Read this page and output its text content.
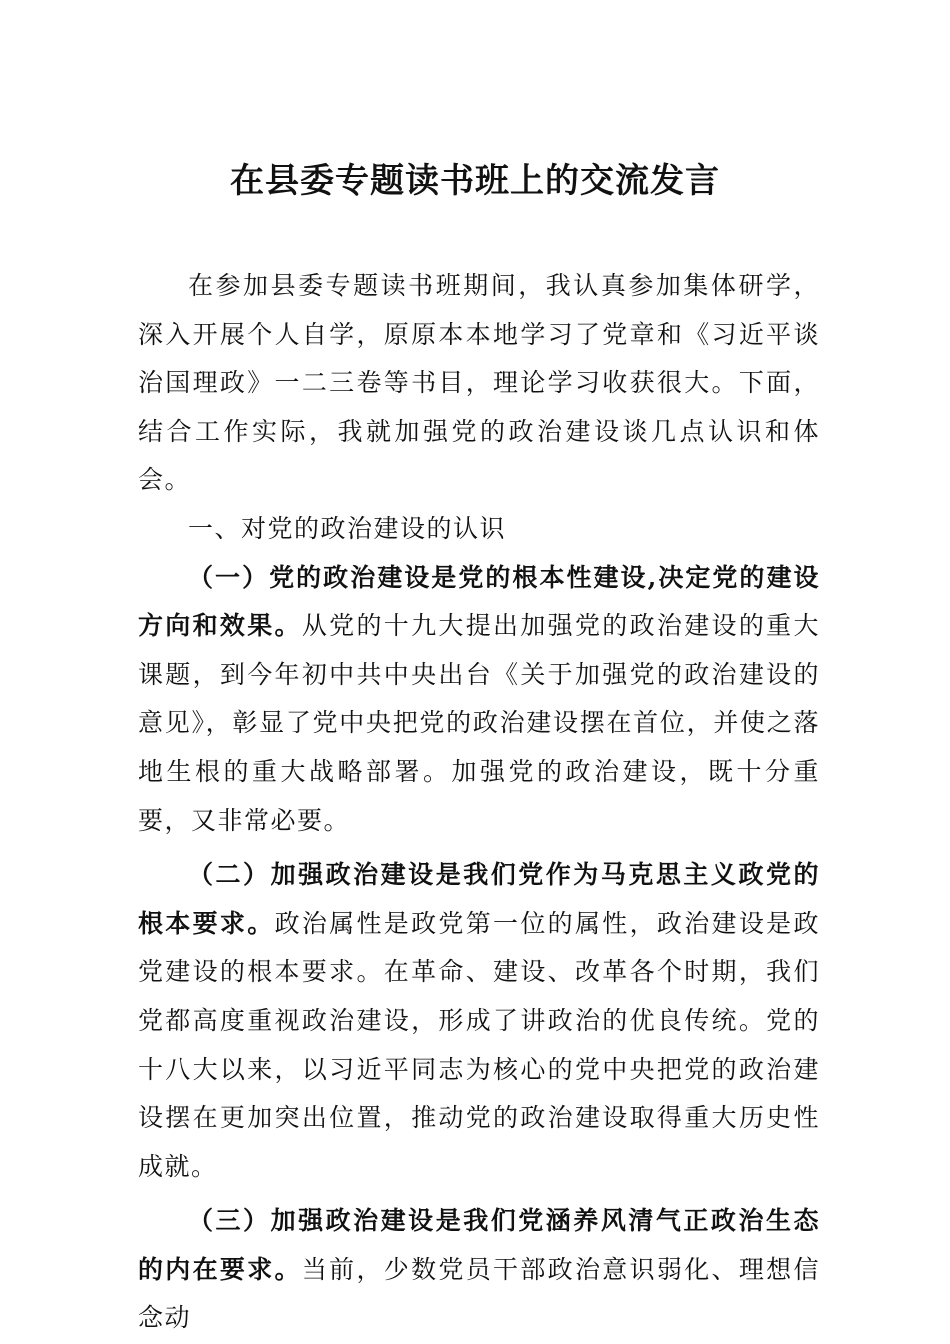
在县委专题读书班上的交流发言

在参加县委专题读书班期间，我认真参加集体研学，深入开展个人自学，原原本本地学习了党章和《习近平谈治国理政》一二三卷等书目，理论学习收获很大。下面，结合工作实际，我就加强党的政治建设谈几点认识和体会。

一、对党的政治建设的认识

（一）党的政治建设是党的根本性建设,决定党的建设方向和效果。从党的十九大提出加强党的政治建设的重大课题，到今年初中共中央出台《关于加强党的政治建设的意见》，彰显了党中央把党的政治建设摆在首位，并使之落地生根的重大战略部署。加强党的政治建设，既十分重要，又非常必要。

（二）加强政治建设是我们党作为马克思主义政党的根本要求。政治属性是政党第一位的属性，政治建设是政党建设的根本要求。在革命、建设、改革各个时期，我们党都高度重视政治建设，形成了讲政治的优良传统。党的十八大以来，以习近平同志为核心的党中央把党的政治建设摆在更加突出位置，推动党的政治建设取得重大历史性成就。

（三）加强政治建设是我们党涵养风清气正政治生态的内在要求。当前，少数党员干部政治意识弱化、理想信念动
